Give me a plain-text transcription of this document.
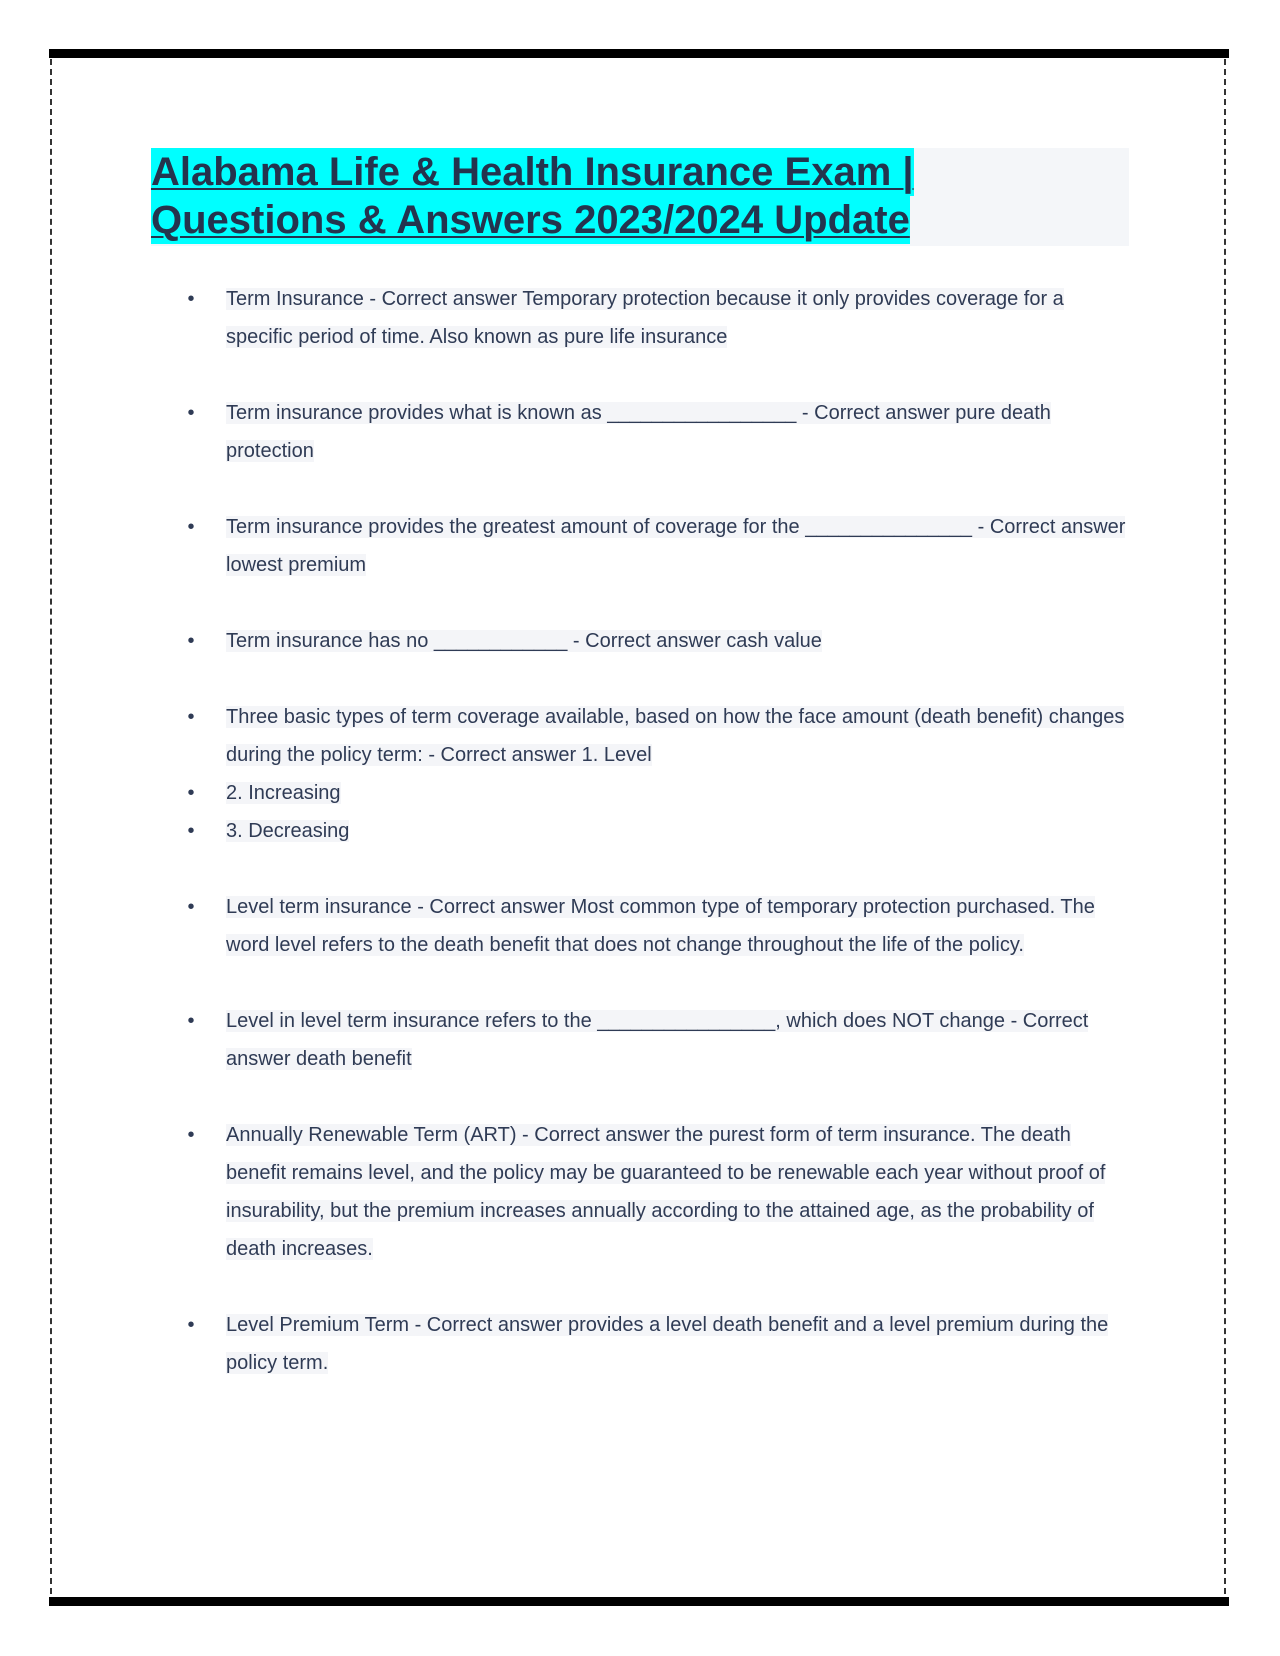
Alabama Life & Health Insurance Exam |
Questions & Answers 2023/2024 Update
• Term Insurance - Correct answer Temporary protection because it only provides coverage for a specific period of time. Also known as pure life insurance
• Term insurance provides what is known as _________________ - Correct answer pure death protection
• Term insurance provides the greatest amount of coverage for the _______________ - Correct answer lowest premium
• Term insurance has no ____________ - Correct answer cash value
• Three basic types of term coverage available, based on how the face amount (death benefit) changes during the policy term: - Correct answer 1. Level
• 2. Increasing
• 3. Decreasing
• Level term insurance - Correct answer Most common type of temporary protection purchased. The word level refers to the death benefit that does not change throughout the life of the policy.
• Level in level term insurance refers to the ________________, which does NOT change - Correct answer death benefit
• Annually Renewable Term (ART) - Correct answer the purest form of term insurance. The death benefit remains level, and the policy may be guaranteed to be renewable each year without proof of insurability, but the premium increases annually according to the attained age, as the probability of death increases.
• Level Premium Term - Correct answer provides a level death benefit and a level premium during the policy term.
